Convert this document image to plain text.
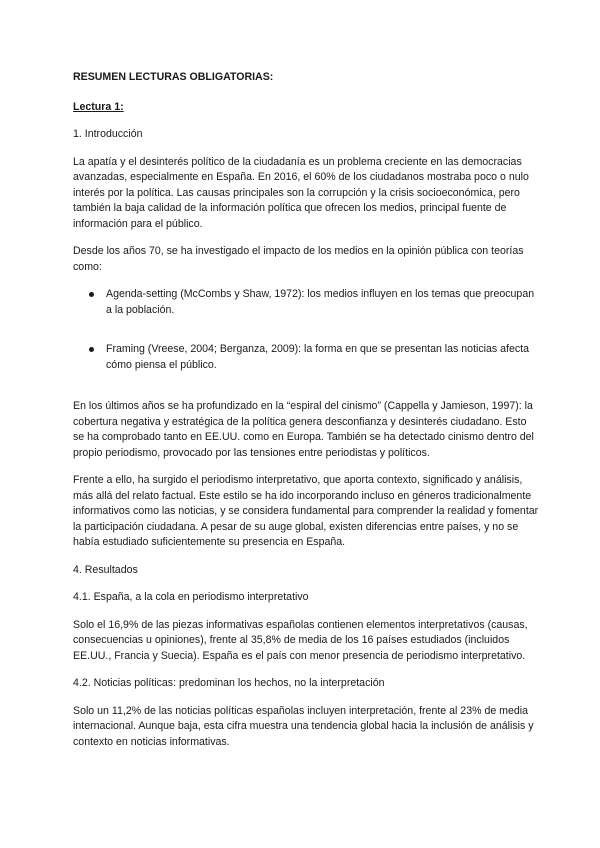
RESUMEN LECTURAS OBLIGATORIAS:
Lectura 1:
1. Introducción

La apatía y el desinterés político de la ciudadanía es un problema creciente en las democracias avanzadas, especialmente en España. En 2016, el 60% de los ciudadanos mostraba poco o nulo interés por la política. Las causas principales son la corrupción y la crisis socioeconómica, pero también la baja calidad de la información política que ofrecen los medios, principal fuente de información para el público.

Desde los años 70, se ha investigado el impacto de los medios en la opinión pública con teorías como:

Agenda-setting (McCombs y Shaw, 1972): los medios influyen en los temas que preocupan a la población.
Framing (Vreese, 2004; Berganza, 2009): la forma en que se presentan las noticias afecta cómo piensa el público.

En los últimos años se ha profundizado en la “espiral del cinismo” (Cappella y Jamieson, 1997): la cobertura negativa y estratégica de la política genera desconfianza y desinterés ciudadano. Esto se ha comprobado tanto en EE.UU. como en Europa. También se ha detectado cinismo dentro del propio periodismo, provocado por las tensiones entre periodistas y políticos.

Frente a ello, ha surgido el periodismo interpretativo, que aporta contexto, significado y análisis, más allá del relato factual. Este estilo se ha ido incorporando incluso en géneros tradicionalmente informativos como las noticias, y se considera fundamental para comprender la realidad y fomentar la participación ciudadana. A pesar de su auge global, existen diferencias entre países, y no se había estudiado suficientemente su presencia en España.

4. Resultados
4.1. España, a la cola en periodismo interpretativo

Solo el 16,9% de las piezas informativas españolas contienen elementos interpretativos (causas, consecuencias u opiniones), frente al 35,8% de media de los 16 países estudiados (incluidos EE.UU., Francia y Suecia). España es el país con menor presencia de periodismo interpretativo.

4.2. Noticias políticas: predominan los hechos, no la interpretación

Solo un 11,2% de las noticias políticas españolas incluyen interpretación, frente al 23% de media internacional. Aunque baja, esta cifra muestra una tendencia global hacia la inclusión de análisis y contexto en noticias informativas.
